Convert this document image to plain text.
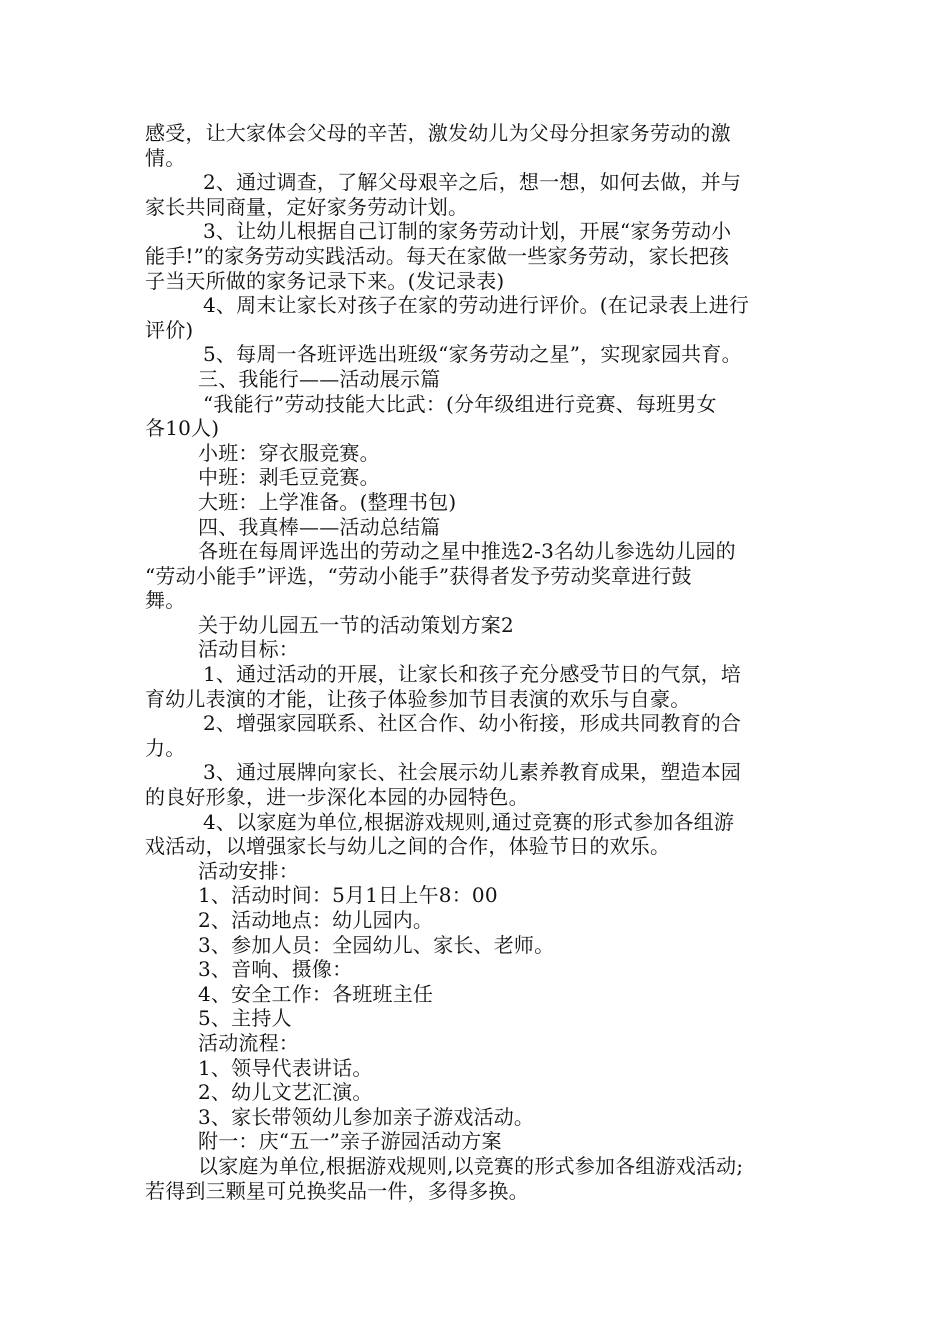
感受，让大家体会父母的辛苦，激发幼儿为父母分担家务劳动的激

情。

2、通过调查，了解父母艰辛之后，想一想，如何去做，并与

家长共同商量，定好家务劳动计划。

3、让幼儿根据自己订制的家务劳动计划，开展“家务劳动小

能手!”的家务劳动实践活动。每天在家做一些家务劳动，家长把孩

子当天所做的家务记录下来。(发记录表)

4、周末让家长对孩子在家的劳动进行评价。(在记录表上进行

评价)

5、每周一各班评选出班级“家务劳动之星”，实现家园共育。

三、我能行——活动展示篇

“我能行”劳动技能大比武：(分年级组进行竞赛、每班男女

各10人)

小班：穿衣服竞赛。

中班：剥毛豆竞赛。

大班：上学准备。(整理书包)

四、我真棒——活动总结篇

各班在每周评选出的劳动之星中推选2-3名幼儿参选幼儿园的

“劳动小能手”评选，“劳动小能手”获得者发予劳动奖章进行鼓

舞。

关于幼儿园五一节的活动策划方案2

活动目标：

1、通过活动的开展，让家长和孩子充分感受节日的气氛，培

育幼儿表演的才能，让孩子体验参加节目表演的欢乐与自豪。

2、增强家园联系、社区合作、幼小衔接，形成共同教育的合

力。

3、通过展牌向家长、社会展示幼儿素养教育成果，塑造本园

的良好形象，进一步深化本园的办园特色。

4、以家庭为单位,根据游戏规则,通过竞赛的形式参加各组游

戏活动，以增强家长与幼儿之间的合作，体验节日的欢乐。

活动安排：

1、活动时间：5月1日上午8：00

2、活动地点：幼儿园内。

3、参加人员：全园幼儿、家长、老师。

3、音响、摄像：

4、安全工作：各班班主任

5、主持人

活动流程：

1、领导代表讲话。

2、幼儿文艺汇演。

3、家长带领幼儿参加亲子游戏活动。

附一：庆“五一”亲子游园活动方案

以家庭为单位,根据游戏规则,以竞赛的形式参加各组游戏活动;

若得到三颗星可兑换奖品一件，多得多换。
